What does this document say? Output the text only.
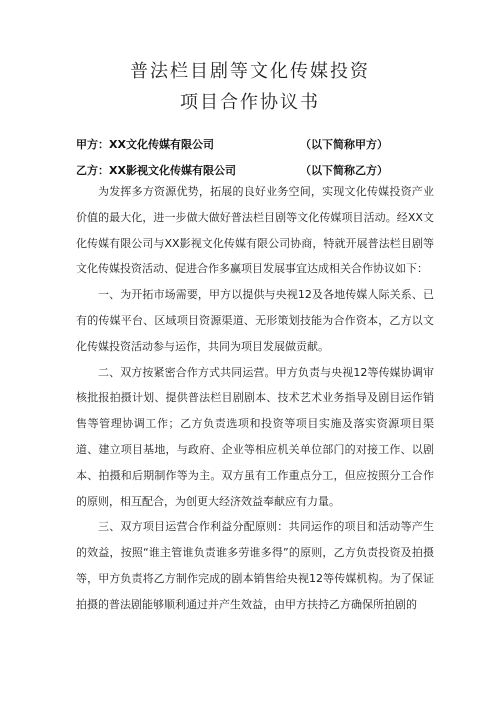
普法栏目剧等文化传媒投资
项目合作协议书
甲方：XX文化传媒有限公司	（以下简称甲方）
乙方：XX影视文化传媒有限公司	（以下简称乙方）

为发挥多方资源优势，拓展的良好业务空间，实现文化传媒投资产业价值的最大化，进一步做大做好普法栏目剧等文化传媒项目活动。经XX文化传媒有限公司与XX影视文化传媒有限公司协商，特就开展普法栏目剧等文化传媒投资活动、促进合作多赢项目发展事宜达成相关合作协议如下：

一、为开拓市场需要，甲方以提供与央视12及各地传媒人际关系、已有的传媒平台、区域项目资源渠道、无形策划技能为合作资本，乙方以文化传媒投资活动参与运作，共同为项目发展做贡献。

二、双方按紧密合作方式共同运营。甲方负责与央视12等传媒协调审核批报拍摄计划、提供普法栏目剧剧本、技术艺术业务指导及剧目运作销售等管理协调工作；乙方负责选项和投资等项目实施及落实资源项目渠道、建立项目基地，与政府、企业等相应机关单位部门的对接工作、以剧本、拍摄和后期制作等为主。双方虽有工作重点分工，但应按照分工合作的原则，相互配合，为创更大经济效益奉献应有力量。

三、双方项目运营合作利益分配原则：共同运作的项目和活动等产生的效益，按照“谁主管谁负责谁多劳谁多得”的原则，乙方负责投资及拍摄等，甲方负责将乙方制作完成的剧本销售给央视12等传媒机构。为了保证拍摄的普法剧能够顺利通过并产生效益，由甲方扶持乙方确保所拍剧的
